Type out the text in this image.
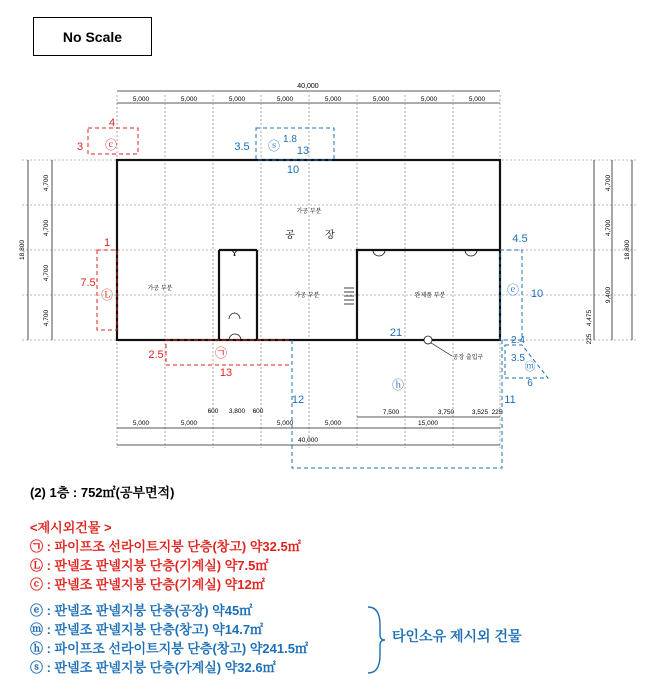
No Scale
40,000
5,000	5,000	5,000	5,000	5,000	5,000	5,000	5,000
가공 부분
가공 부분
가공 부분	완제품 부분
공장 출입구
공	장
18,800
4,700
4,700
4,700
4,700
4,700
4,700
9,400
4,475
225
18,800
5,000	5,000
600 3,800 600
5,000	5,000
7,500	3,750	3,525 225
15,000
40,000
4
3 ⓒ
1
7.5
Ⓛ
2.5	㉠
13
3.5 ⓢ 1.8
13
10
4.5
ⓔ 10
21
12	11
ⓗ
2.4
3.5
ⓜ
6
(2) 1층 : 752㎡(공부면적)
<제시외건물 >
㉠ : 파이프조 선라이트지붕 단층(창고) 약32.5㎡
Ⓛ : 판넬조 판넬지붕 단층(기계실) 약7.5㎡
ⓒ : 판넬조 판넬지붕 단층(기계실) 약12㎡
ⓔ : 판넬조 판넬지붕 단층(공장) 약45㎡
ⓜ : 판넬조 판넬지붕 단층(창고) 약14.7㎡
ⓗ : 파이프조 선라이트지붕 단층(창고) 약241.5㎡
ⓢ : 판넬조 판넬지붕 단층(가계실) 약32.6㎡
타인소유 제시외 건물
